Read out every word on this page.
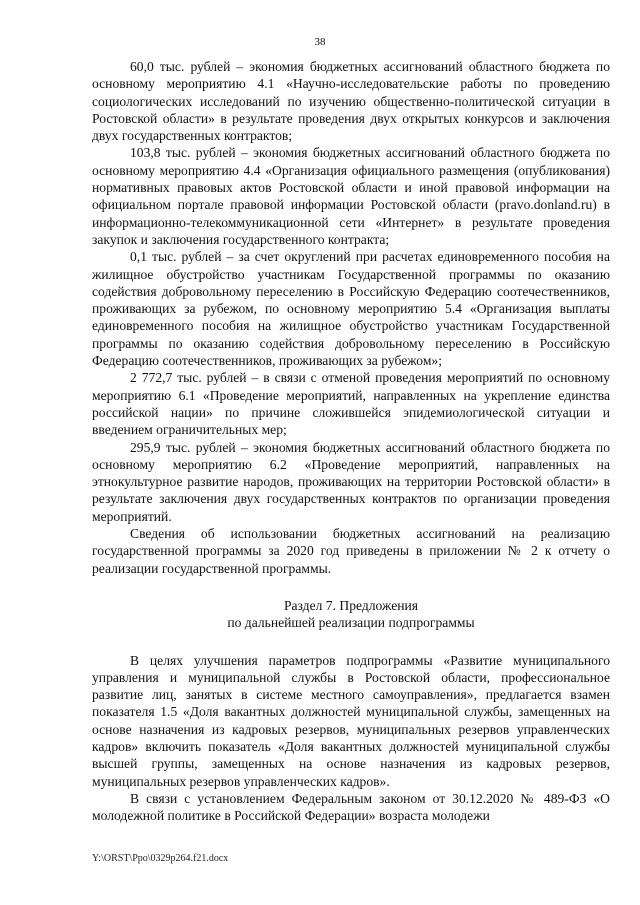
38

60,0 тыс. рублей – экономия бюджетных ассигнований областного бюджета по основному мероприятию 4.1 «Научно-исследовательские работы по проведению социологических исследований по изучению общественно-политической ситуации в Ростовской области» в результате проведения двух открытых конкурсов и заключения двух государственных контрактов;

103,8 тыс. рублей – экономия бюджетных ассигнований областного бюджета по основному мероприятию 4.4 «Организация официального размещения (опубликования) нормативных правовых актов Ростовской области и иной правовой информации на официальном портале правовой информации Ростовской области (pravo.donland.ru) в информационно-телекоммуникационной сети «Интернет» в результате проведения закупок и заключения государственного контракта;

0,1 тыс. рублей – за счет округлений при расчетах единовременного пособия на жилищное обустройство участникам Государственной программы по оказанию содействия добровольному переселению в Российскую Федерацию соотечественников, проживающих за рубежом, по основному мероприятию 5.4 «Организация выплаты единовременного пособия на жилищное обустройство участникам Государственной программы по оказанию содействия добровольному переселению в Российскую Федерацию соотечественников, проживающих за рубежом»;

2 772,7 тыс. рублей – в связи с отменой проведения мероприятий по основному мероприятию 6.1 «Проведение мероприятий, направленных на укрепление единства российской нации» по причине сложившейся эпидемиологической ситуации и введением ограничительных мер;

295,9 тыс. рублей – экономия бюджетных ассигнований областного бюджета по основному мероприятию 6.2 «Проведение мероприятий, направленных на этнокультурное развитие народов, проживающих на территории Ростовской области» в результате заключения двух государственных контрактов по организации проведения мероприятий.

Сведения об использовании бюджетных ассигнований на реализацию государственной программы за 2020 год приведены в приложении № 2 к отчету о реализации государственной программы.

Раздел 7. Предложения
по дальнейшей реализации подпрограммы

В целях улучшения параметров подпрограммы «Развитие муниципального управления и муниципальной службы в Ростовской области, профессиональное развитие лиц, занятых в системе местного самоуправления», предлагается взамен показателя 1.5 «Доля вакантных должностей муниципальной службы, замещенных на основе назначения из кадровых резервов, муниципальных резервов управленческих кадров» включить показатель «Доля вакантных должностей муниципальной службы высшей группы, замещенных на основе назначения из кадровых резервов, муниципальных резервов управленческих кадров».

В связи с установлением Федеральным законом от 30.12.2020 № 489-ФЗ «О молодежной политике в Российской Федерации» возраста молодежи

Y:\ORST\Ppo\0329p264.f21.docx
